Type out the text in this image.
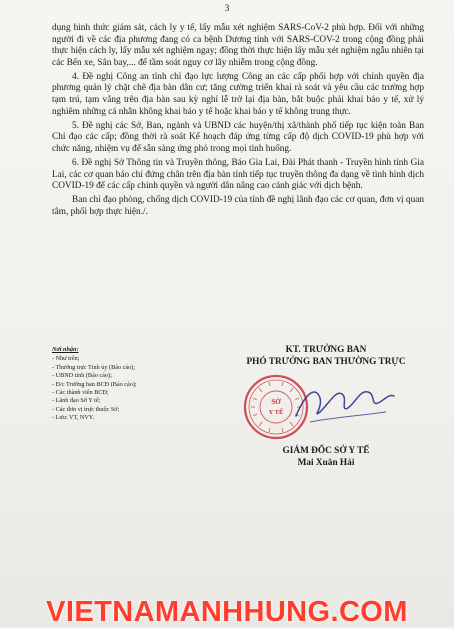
3

dụng hình thức giám sát, cách ly y tế, lấy mẫu xét nghiệm SARS-CoV-2 phù hợp. Đối với những người đi về các địa phương đang có ca bệnh Dương tính với SARS-COV-2 trong cộng đồng phải thực hiện cách ly, lấy mẫu xét nghiệm ngay; đồng thời thực hiện lấy mẫu xét nghiệm ngẫu nhiên tại các Bến xe, Sân bay,... để tầm soát nguy cơ lây nhiễm trong cộng đồng.

4. Đề nghị Công an tỉnh chỉ đạo lực lượng Công an các cấp phối hợp với chính quyền địa phương quản lý chặt chẽ địa bàn dân cư; tăng cường triển khai rà soát và yêu cầu các trường hợp tạm trú, tạm vắng trên địa bàn sau kỳ nghỉ lễ trở lại địa bàn, bắt buộc phải khai báo y tế, xử lý nghiêm những cá nhân không khai báo y tế hoặc khai báo y tế không trung thực.

5. Đề nghị các Sở, Ban, ngành và UBND các huyện/thị xã/thành phố tiếp tục kiện toàn Ban Chỉ đạo các cấp; đồng thời rà soát Kế hoạch đáp ứng từng cấp độ dịch COVID-19 phù hợp với chức năng, nhiệm vụ để sẵn sàng ứng phó trong mọi tình huống.

6. Đề nghị Sở Thông tin và Truyền thông, Báo Gia Lai, Đài Phát thanh - Truyền hình tỉnh Gia Lai, các cơ quan báo chí đứng chân trên địa bàn tỉnh tiếp tục truyền thông đa dạng về tình hình dịch COVID-19 để các cấp chính quyền và người dân nâng cao cảnh giác với dịch bệnh.

Ban chỉ đạo phòng, chống dịch COVID-19 của tỉnh đề nghị lãnh đạo các cơ quan, đơn vị quan tâm, phối hợp thực hiện./.

Nơi nhận:
- Như trên;
- Thường trực Tỉnh ủy (Báo cáo);
- UBND tỉnh (Báo cáo);
- Đ/c Trưởng ban BCĐ (Báo cáo);
- Các thành viên BCĐ;
- Lãnh đạo Sở Y tế;
- Các đơn vị trực thuộc Sở;
- Lưu: VT, NVY.
KT. TRƯỞNG BAN
PHÓ TRƯỞNG BAN THƯỜNG TRỰC
GIÁM ĐỐC SỞ Y TẾ
Mai Xuân Hải
SỞ
Y TẾ
VIETNAMANHHUNG.COM
